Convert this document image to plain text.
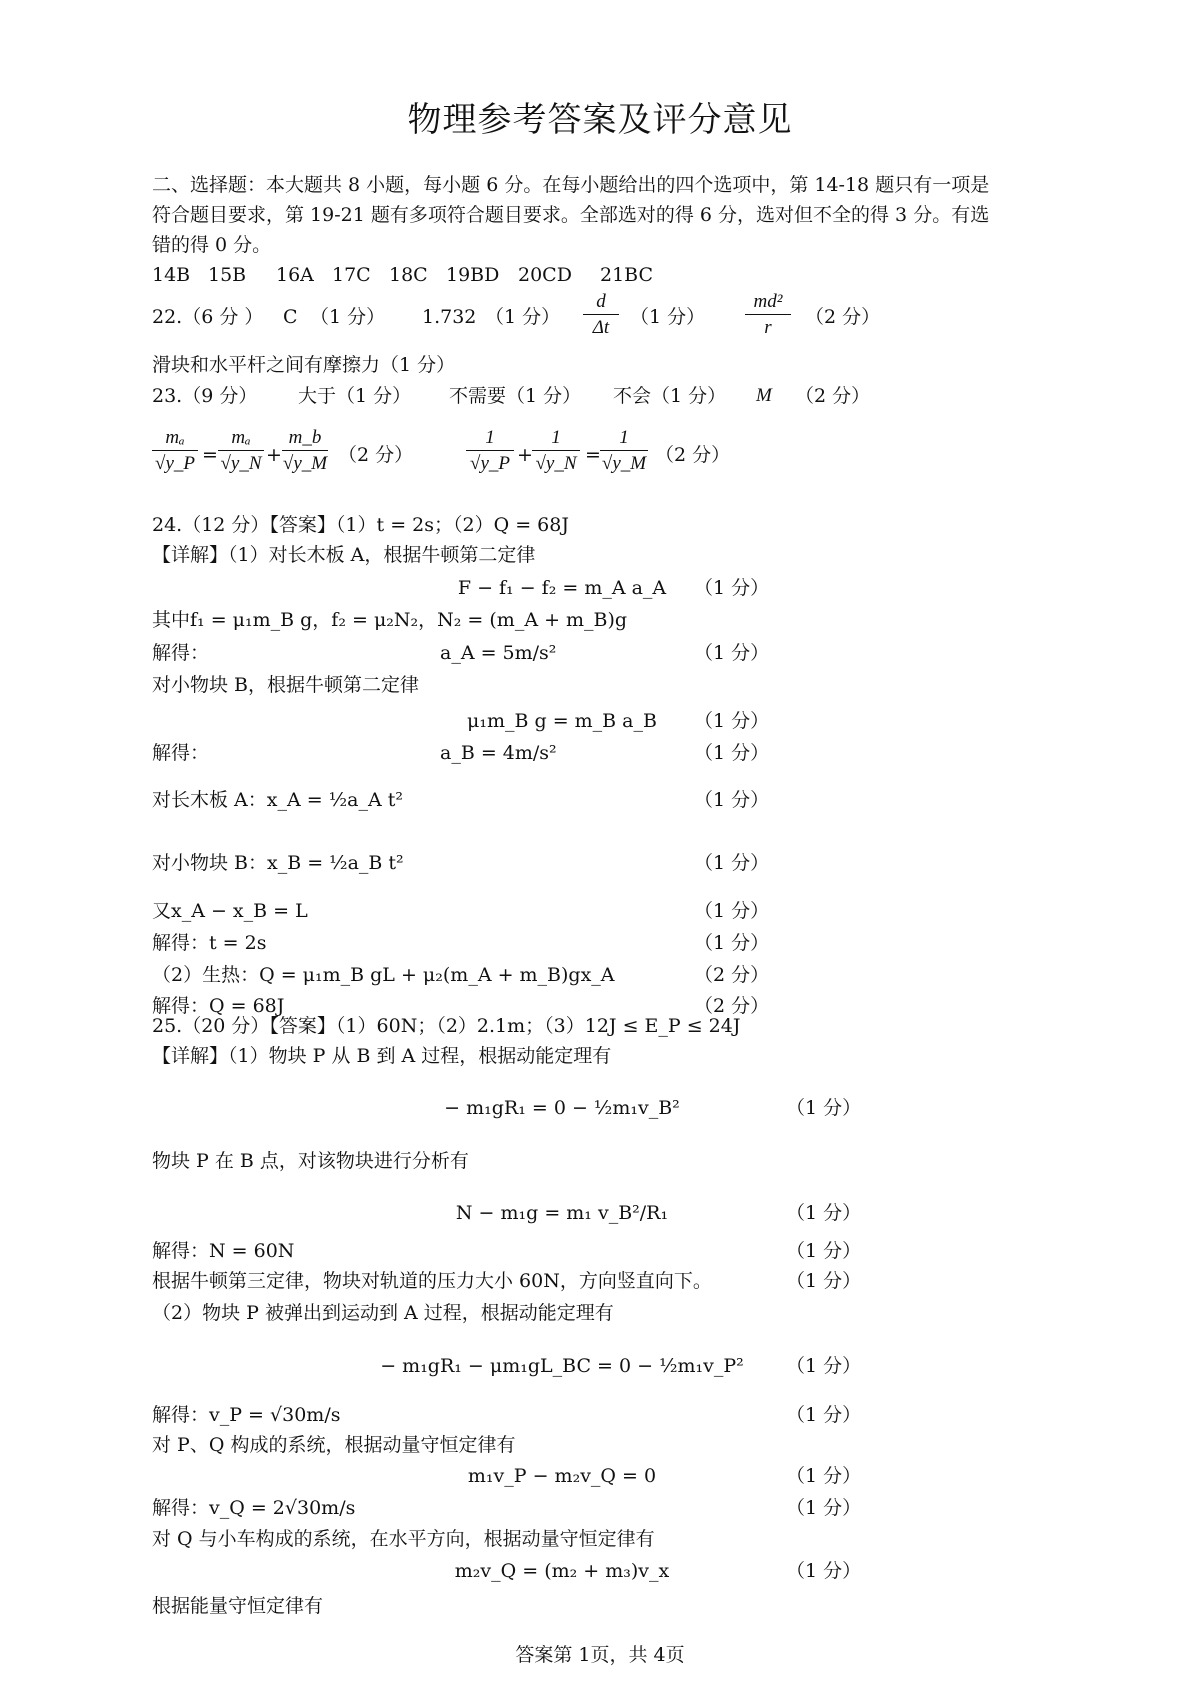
物理参考答案及评分意见
二、选择题：本大题共 8 小题，每小题 6 分。在每小题给出的四个选项中，第 14-18 题只有一项是
符合题目要求，第 19-21 题有多项符合题目要求。全部选对的得 6 分，选对但不全的得 3 分。有选
错的得 0 分。
14B 15B 16A 17C 18C 19BD 20CD 21BC
22.（6 分 ） C （1 分） 1.732 （1 分）
d
Δt	（1 分）
md²
r	（2 分）
滑块和水平杆之间有摩擦力（1 分）
23.（9 分） 大于（1 分） 不需要（1 分） 不会（1 分） M （2 分）
mₐ
√y_P =
mₐ
√y_N +
m_b
√y_M （2 分）
1
√y_P +
1
√y_N =
1
√y_M （2 分）
24.（12 分）【答案】（1）t = 2s；（2）Q = 68J
【详解】（1）对长木板 A，根据牛顿第二定律
F − f₁ − f₂ = m_A a_A	（1 分）
其中f₁ = μ₁m_B g，f₂ = μ₂N₂，N₂ = (m_A + m_B)g
解得：	a_A = 5m/s²	（1 分）
对小物块 B，根据牛顿第二定律
μ₁m_B g = m_B a_B	（1 分）
解得：	a_B = 4m/s²	（1 分）
对长木板 A：x_A = ½a_A t²	（1 分）
对小物块 B：x_B = ½a_B t²	（1 分）
又x_A − x_B = L	（1 分）
解得：t = 2s	（1 分）
（2）生热：Q = μ₁m_B gL + μ₂(m_A + m_B)gx_A	（2 分）
解得：Q = 68J	（2 分）
25.（20 分）【答案】（1）60N；（2）2.1m；（3）12J ≤ E_P ≤ 24J
【详解】（1）物块 P 从 B 到 A 过程，根据动能定理有
− m₁gR₁ = 0 − ½m₁v_B²	（1 分）
物块 P 在 B 点，对该物块进行分析有
N − m₁g = m₁ v_B²/R₁	（1 分）
解得：N = 60N	（1 分）
根据牛顿第三定律，物块对轨道的压力大小 60N，方向竖直向下。	（1 分）
（2）物块 P 被弹出到运动到 A 过程，根据动能定理有
− m₁gR₁ − μm₁gL_BC = 0 − ½m₁v_P²	（1 分）
解得：v_P = √30m/s	（1 分）
对 P、Q 构成的系统，根据动量守恒定律有
m₁v_P − m₂v_Q = 0	（1 分）
解得：v_Q = 2√30m/s	（1 分）
对 Q 与小车构成的系统，在水平方向，根据动量守恒定律有
m₂v_Q = (m₂ + m₃)v_x	（1 分）
根据能量守恒定律有
答案第 1页，共 4页
